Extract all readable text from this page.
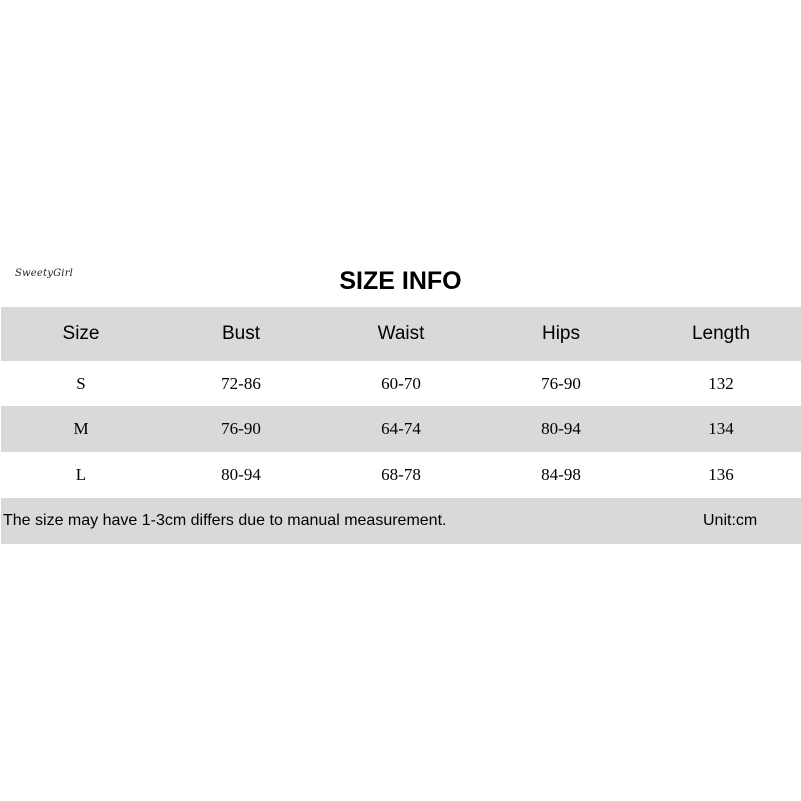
SweetyGirl	SIZE INFO
Size	Bust	Waist	Hips	Length
S	72-86	60-70	76-90	132
M	76-90	64-74	80-94	134
L	80-94	68-78	84-98	136
The size may have 1-3cm differs due to manual measurement.	Unit:cm
